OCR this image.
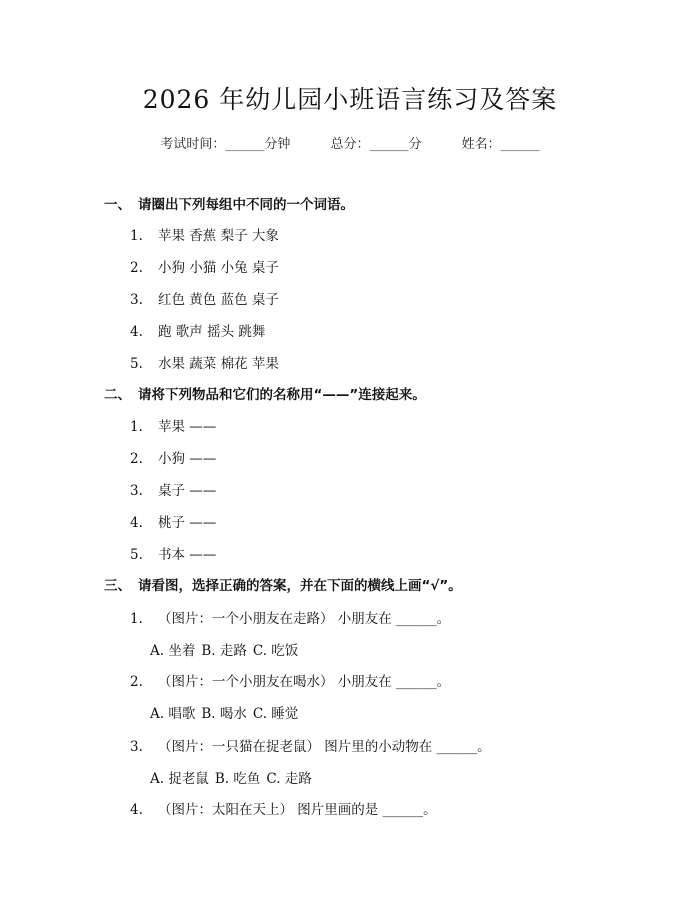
2026 年幼儿园小班语言练习及答案
考试时间：______分钟	总分：______分	姓名：______
一、 请圈出下列每组中不同的一个词语。
1. 苹果 香蕉 梨子 大象
2. 小狗 小猫 小兔 桌子
3. 红色 黄色 蓝色 桌子
4. 跑 歌声 摇头 跳舞
5. 水果 蔬菜 棉花 苹果
二、 请将下列物品和它们的名称用“——”连接起来。
1. 苹果 ——
2. 小狗 ——
3. 桌子 ——
4. 桃子 ——
5. 书本 ——
三、 请看图，选择正确的答案，并在下面的横线上画“√”。
1. （图片：一个小朋友在走路） 小朋友在 ______。
A. 坐着 B. 走路 C. 吃饭
2. （图片：一个小朋友在喝水） 小朋友在 ______。
A. 唱歌 B. 喝水 C. 睡觉
3. （图片：一只猫在捉老鼠） 图片里的小动物在 ______。
A. 捉老鼠 B. 吃鱼 C. 走路
4. （图片：太阳在天上） 图片里画的是 ______。
